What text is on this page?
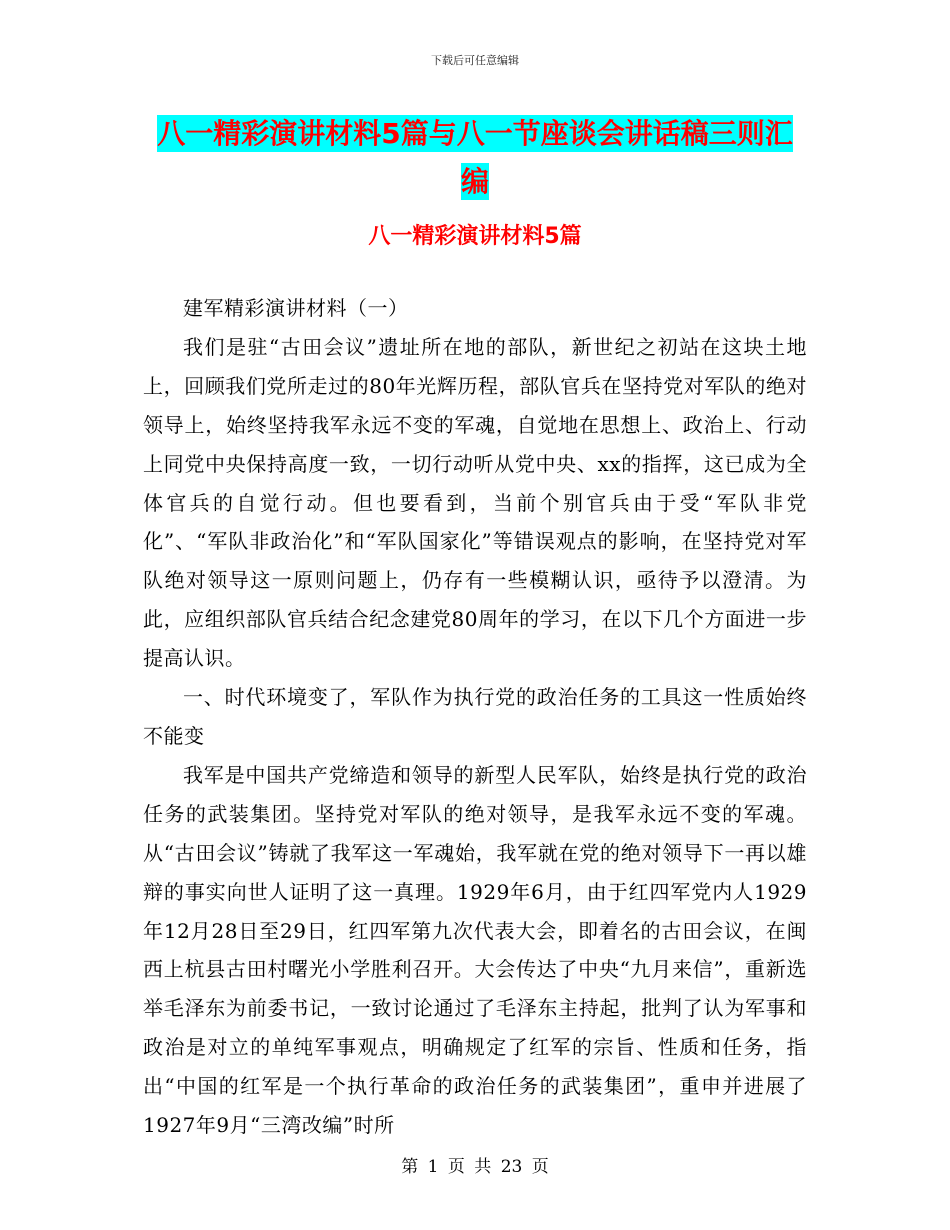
下载后可任意编辑
八一精彩演讲材料5篇与八一节座谈会讲话稿三则汇
编
八一精彩演讲材料5篇

建军精彩演讲材料（一）

我们是驻“古田会议”遗址所在地的部队，新世纪之初站在这块土地上，回顾我们党所走过的80年光辉历程，部队官兵在坚持党对军队的绝对领导上，始终坚持我军永远不变的军魂，自觉地在思想上、政治上、行动上同党中央保持高度一致，一切行动听从党中央、xx的指挥，这已成为全体官兵的自觉行动。但也要看到，当前个别官兵由于受“军队非党化”、“军队非政治化”和“军队国家化”等错误观点的影响，在坚持党对军队绝对领导这一原则问题上，仍存有一些模糊认识，亟待予以澄清。为此，应组织部队官兵结合纪念建党80周年的学习，在以下几个方面进一步提高认识。

一、时代环境变了，军队作为执行党的政治任务的工具这一性质始终不能变

我军是中国共产党缔造和领导的新型人民军队，始终是执行党的政治任务的武装集团。坚持党对军队的绝对领导，是我军永远不变的军魂。从“古田会议”铸就了我军这一军魂始，我军就在党的绝对领导下一再以雄辩的事实向世人证明了这一真理。1929年6月，由于红四军党内人1929年12月28日至29日，红四军第九次代表大会，即着名的古田会议，在闽西上杭县古田村曙光小学胜利召开。大会传达了中央“九月来信”，重新选举毛泽东为前委书记，一致讨论通过了毛泽东主持起，批判了认为军事和政治是对立的单纯军事观点，明确规定了红军的宗旨、性质和任务，指出“中国的红军是一个执行革命的政治任务的武装集团”，重申并进展了1927年9月“三湾改编”时所

第 1 页 共 23 页
